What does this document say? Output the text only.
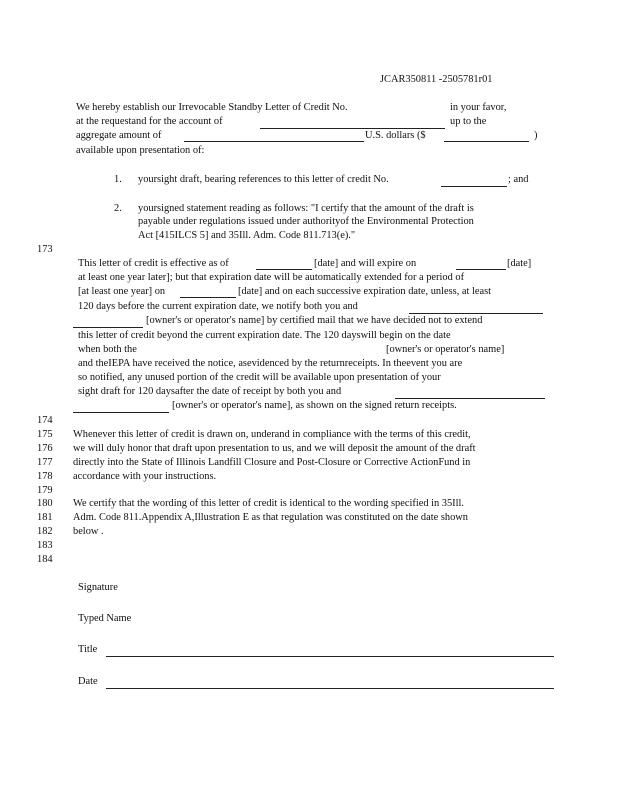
JCAR350811 -2505781r01
We hereby establish our Irrevocable Standby Letter of Credit No.	in your favor,
at the requestand for the account of	up to the
aggregate amount of	U.S. dollars ($	)
available upon presentation of:
1. yoursight draft, bearing references to this letter of credit No.	; and
2. yoursigned statement reading as follows: "I certify that the amount of the draft is
payable under regulations issued under authorityof the Environmental Protection
Act [415ILCS 5] and 35Ill. Adm. Code 811.713(e)."
173
This letter of credit is effective as of	[date] and will expire on	[date]
at least one year later]; but that expiration date will be automatically extended for a period of
[at least one year] on	[date] and on each successive expiration date, unless, at least
120 days before the current expiration date, we notify both you and
[owner's or operator's name] by certified mail that we have decided not to extend
this letter of credit beyond the current expiration date. The 120 dayswill begin on the date
when both the	[owner's or operator's name]
and theIEPA have received the notice, asevidenced by the returnreceipts. In theevent you are
so notified, any unused portion of the credit will be available upon presentation of your
sight draft for 120 daysafter the date of receipt by both you and
[owner's or operator's name], as shown on the signed return receipts.
174
175
176
177
178
179
180
181
182
183
184
Whenever this letter of credit is drawn on, underand in compliance with the terms of this credit,
we will duly honor that draft upon presentation to us, and we will deposit the amount of the draft
directly into the State of Illinois Landfill Closure and Post-Closure or Corrective ActionFund in
accordance with your instructions.
We certify that the wording of this letter of credit is identical to the wording specified in 35Ill.
Adm. Code 811.Appendix A,Illustration E as that regulation was constituted on the date shown
below .
Signature
Typed Name
Title
Date
